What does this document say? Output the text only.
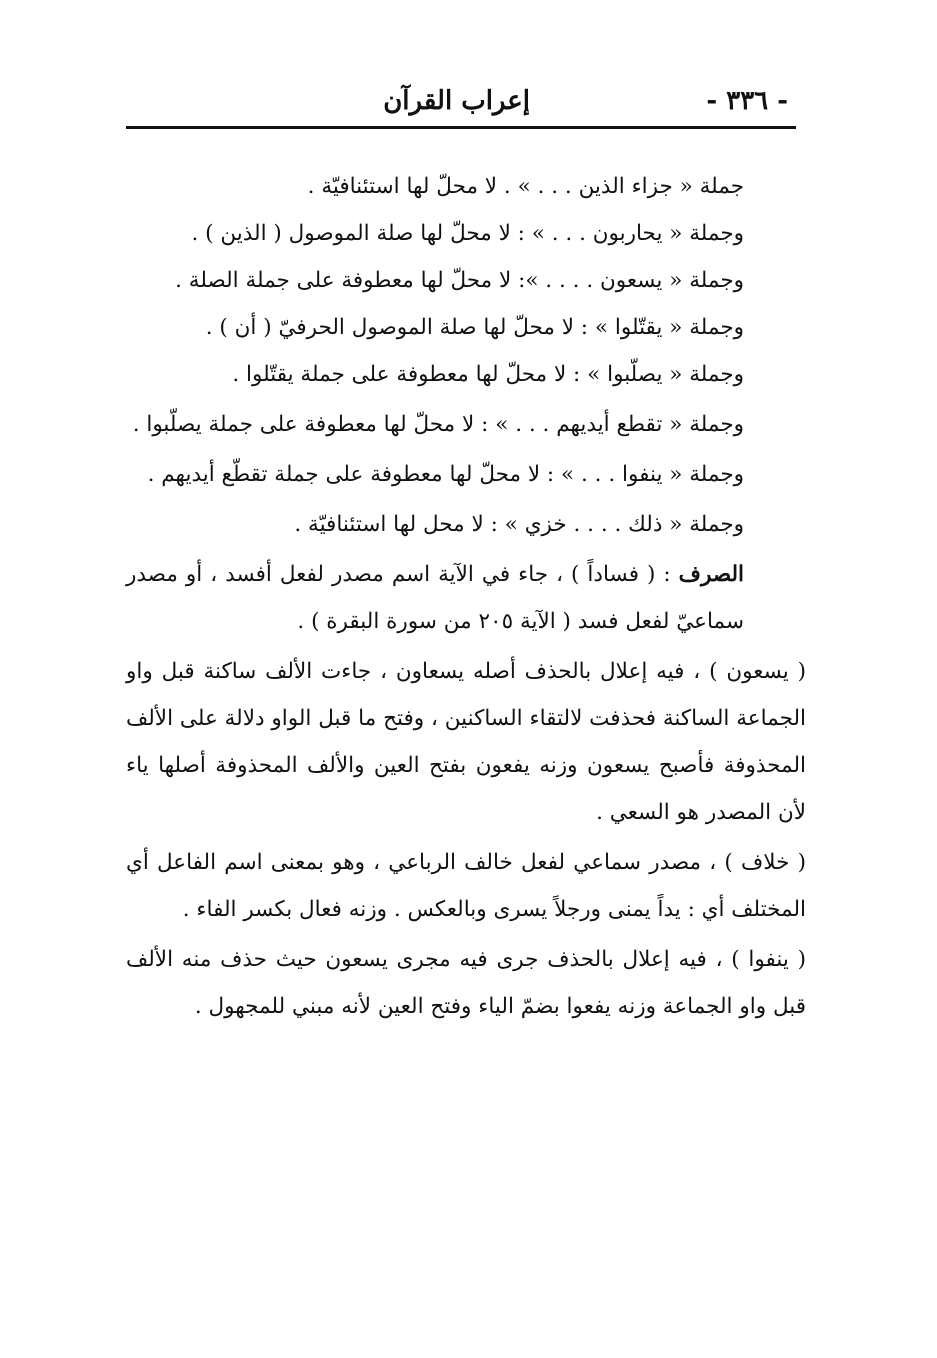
- ٣٣٦ -
إعراب القرآن

جملة « جزاء الذين . . . » . لا محلّ لها استئنافيّة .

وجملة « يحاربون . . . » : لا محلّ لها صلة الموصول ( الذين ) .

وجملة « يسعون . . . . »: لا محلّ لها معطوفة على جملة الصلة .

وجملة « يقتّلوا » : لا محلّ لها صلة الموصول الحرفيّ ( أن ) .

وجملة « يصلّبوا » : لا محلّ لها معطوفة على جملة يقتّلوا .

وجملة « تقطع أيديهم . . . » : لا محلّ لها معطوفة على جملة يصلّبوا .

وجملة « ينفوا . . . » : لا محلّ لها معطوفة على جملة تقطّع أيديهم .

وجملة « ذلك . . . . خزي » : لا محل لها استئنافيّة .

الصرف : ( فساداً ) ، جاء في الآية اسم مصدر لفعل أفسد ، أو مصدر سماعيّ لفعل فسد ( الآية ٢٠٥ من سورة البقرة ) .

( يسعون ) ، فيه إعلال بالحذف أصله يسعاون ، جاءت الألف ساكنة قبل واو الجماعة الساكنة فحذفت لالتقاء الساكنين ، وفتح ما قبل الواو دلالة على الألف المحذوفة فأصبح يسعون وزنه يفعون بفتح العين والألف المحذوفة أصلها ياء لأن المصدر هو السعي .

( خلاف ) ، مصدر سماعي لفعل خالف الرباعي ، وهو بمعنى اسم الفاعل أي المختلف أي : يداً يمنى ورجلاً يسرى وبالعكس . وزنه فعال بكسر الفاء .

( ينفوا ) ، فيه إعلال بالحذف جرى فيه مجرى يسعون حيث حذف منه الألف قبل واو الجماعة وزنه يفعوا بضمّ الياء وفتح العين لأنه مبني للمجهول .
